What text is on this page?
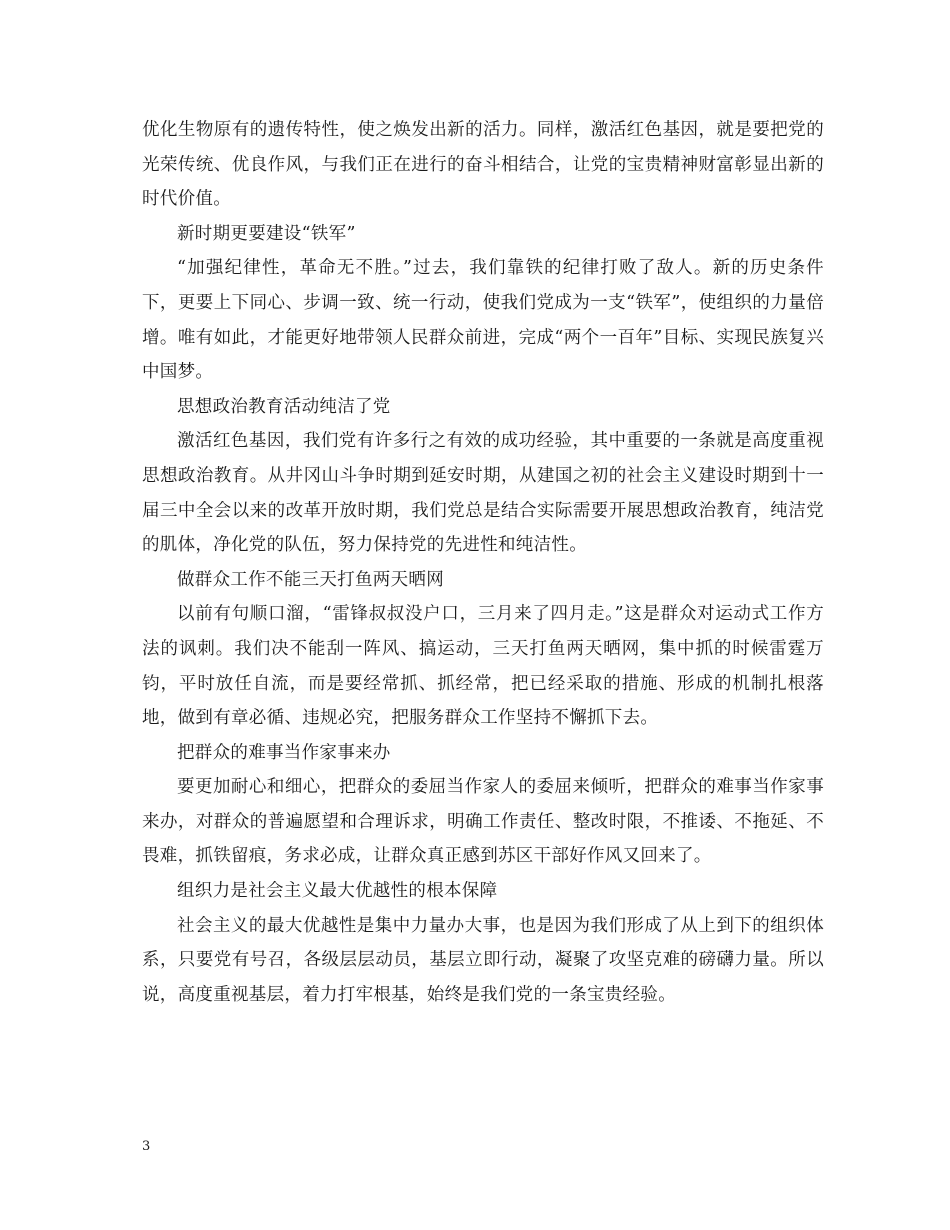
优化生物原有的遗传特性，使之焕发出新的活力。同样，激活红色基因，就是要把党的光荣传统、优良作风，与我们正在进行的奋斗相结合，让党的宝贵精神财富彰显出新的时代价值。

新时期更要建设“铁军”

“加强纪律性，革命无不胜。”过去，我们靠铁的纪律打败了敌人。新的历史条件下，更要上下同心、步调一致、统一行动，使我们党成为一支“铁军”，使组织的力量倍增。唯有如此，才能更好地带领人民群众前进，完成“两个一百年”目标、实现民族复兴中国梦。

思想政治教育活动纯洁了党

激活红色基因，我们党有许多行之有效的成功经验，其中重要的一条就是高度重视思想政治教育。从井冈山斗争时期到延安时期，从建国之初的社会主义建设时期到十一届三中全会以来的改革开放时期，我们党总是结合实际需要开展思想政治教育，纯洁党的肌体，净化党的队伍，努力保持党的先进性和纯洁性。

做群众工作不能三天打鱼两天晒网

以前有句顺口溜，“雷锋叔叔没户口，三月来了四月走。”这是群众对运动式工作方法的讽刺。我们决不能刮一阵风、搞运动，三天打鱼两天晒网，集中抓的时候雷霆万钧，平时放任自流，而是要经常抓、抓经常，把已经采取的措施、形成的机制扎根落地，做到有章必循、违规必究，把服务群众工作坚持不懈抓下去。

把群众的难事当作家事来办

要更加耐心和细心，把群众的委屈当作家人的委屈来倾听，把群众的难事当作家事来办，对群众的普遍愿望和合理诉求，明确工作责任、整改时限，不推诿、不拖延、不畏难，抓铁留痕，务求必成，让群众真正感到苏区干部好作风又回来了。

组织力是社会主义最大优越性的根本保障

社会主义的最大优越性是集中力量办大事，也是因为我们形成了从上到下的组织体系，只要党有号召，各级层层动员，基层立即行动，凝聚了攻坚克难的磅礴力量。所以说，高度重视基层，着力打牢根基，始终是我们党的一条宝贵经验。

3
